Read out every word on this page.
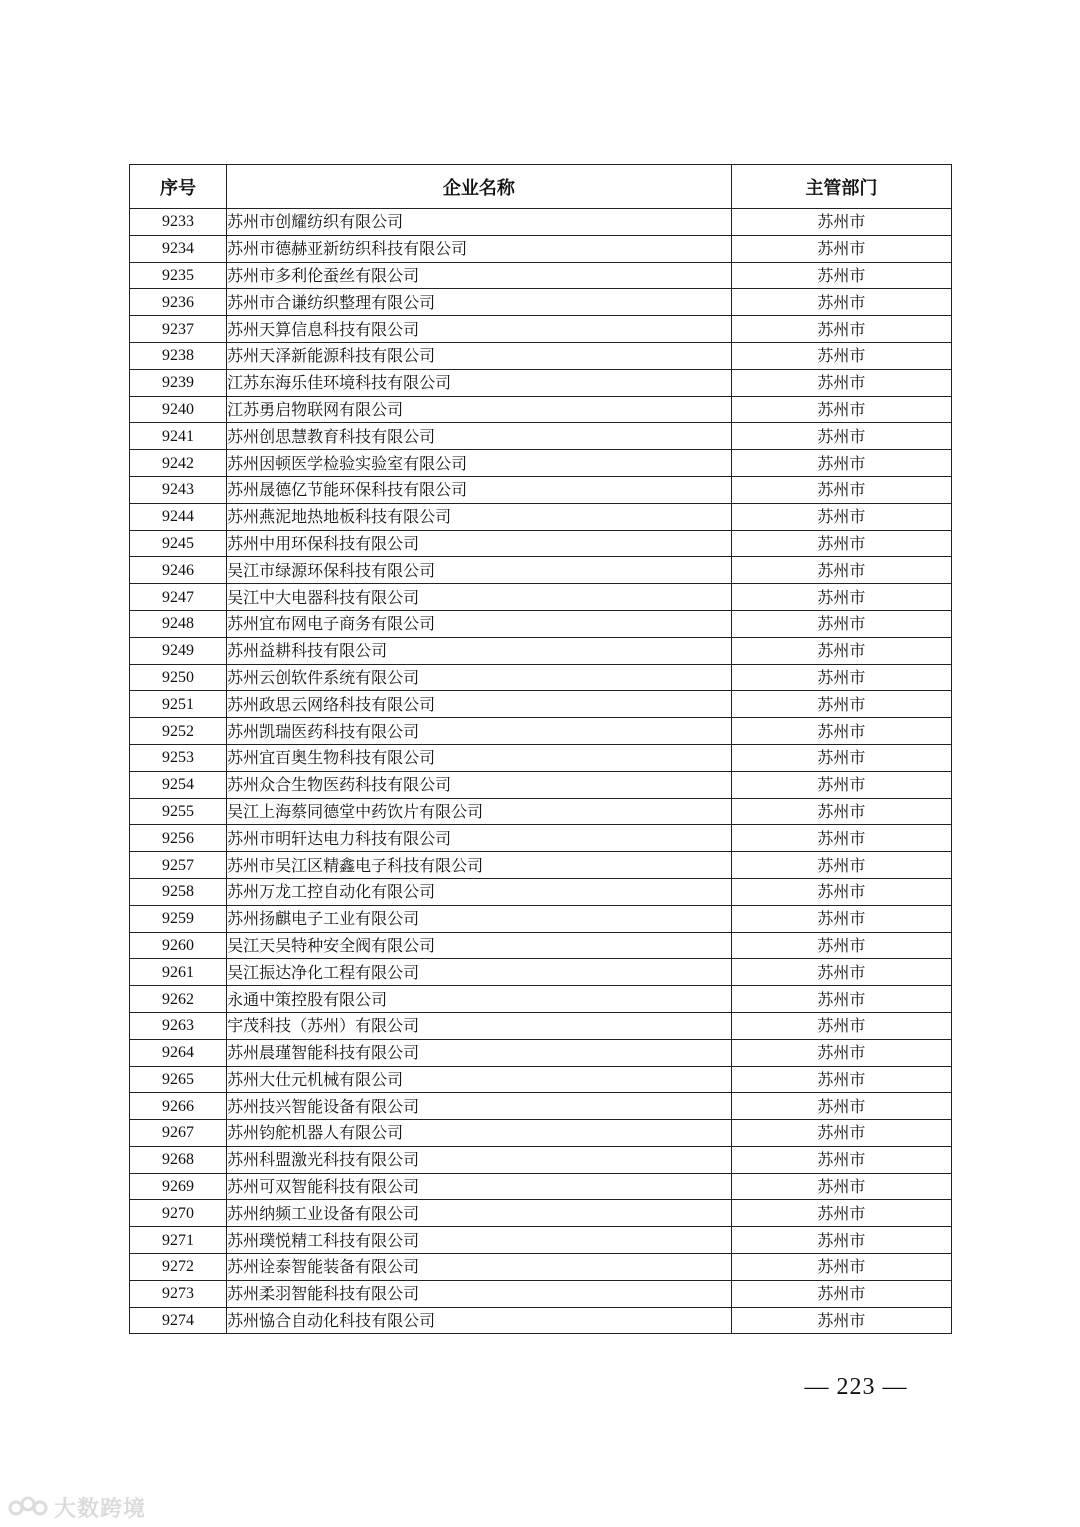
序号	企业名称	主管部门
9233	苏州市创耀纺织有限公司	苏州市
9234	苏州市德赫亚新纺织科技有限公司	苏州市
9235	苏州市多利伦蚕丝有限公司	苏州市
9236	苏州市合谦纺织整理有限公司	苏州市
9237	苏州天算信息科技有限公司	苏州市
9238	苏州天泽新能源科技有限公司	苏州市
9239	江苏东海乐佳环境科技有限公司	苏州市
9240	江苏勇启物联网有限公司	苏州市
9241	苏州创思慧教育科技有限公司	苏州市
9242	苏州因顿医学检验实验室有限公司	苏州市
9243	苏州晟德亿节能环保科技有限公司	苏州市
9244	苏州燕泥地热地板科技有限公司	苏州市
9245	苏州中用环保科技有限公司	苏州市
9246	吴江市绿源环保科技有限公司	苏州市
9247	吴江中大电器科技有限公司	苏州市
9248	苏州宜布网电子商务有限公司	苏州市
9249	苏州益耕科技有限公司	苏州市
9250	苏州云创软件系统有限公司	苏州市
9251	苏州政思云网络科技有限公司	苏州市
9252	苏州凯瑞医药科技有限公司	苏州市
9253	苏州宜百奥生物科技有限公司	苏州市
9254	苏州众合生物医药科技有限公司	苏州市
9255	吴江上海蔡同德堂中药饮片有限公司	苏州市
9256	苏州市明轩达电力科技有限公司	苏州市
9257	苏州市吴江区精鑫电子科技有限公司	苏州市
9258	苏州万龙工控自动化有限公司	苏州市
9259	苏州扬麒电子工业有限公司	苏州市
9260	吴江天吴特种安全阀有限公司	苏州市
9261	吴江振达净化工程有限公司	苏州市
9262	永通中策控股有限公司	苏州市
9263	宇茂科技（苏州）有限公司	苏州市
9264	苏州晨瑾智能科技有限公司	苏州市
9265	苏州大仕元机械有限公司	苏州市
9266	苏州技兴智能设备有限公司	苏州市
9267	苏州钧舵机器人有限公司	苏州市
9268	苏州科盟激光科技有限公司	苏州市
9269	苏州可双智能科技有限公司	苏州市
9270	苏州纳频工业设备有限公司	苏州市
9271	苏州璞悦精工科技有限公司	苏州市
9272	苏州诠泰智能装备有限公司	苏州市
9273	苏州柔羽智能科技有限公司	苏州市
9274	苏州恊合自动化科技有限公司	苏州市
— 223 —
大数跨境
